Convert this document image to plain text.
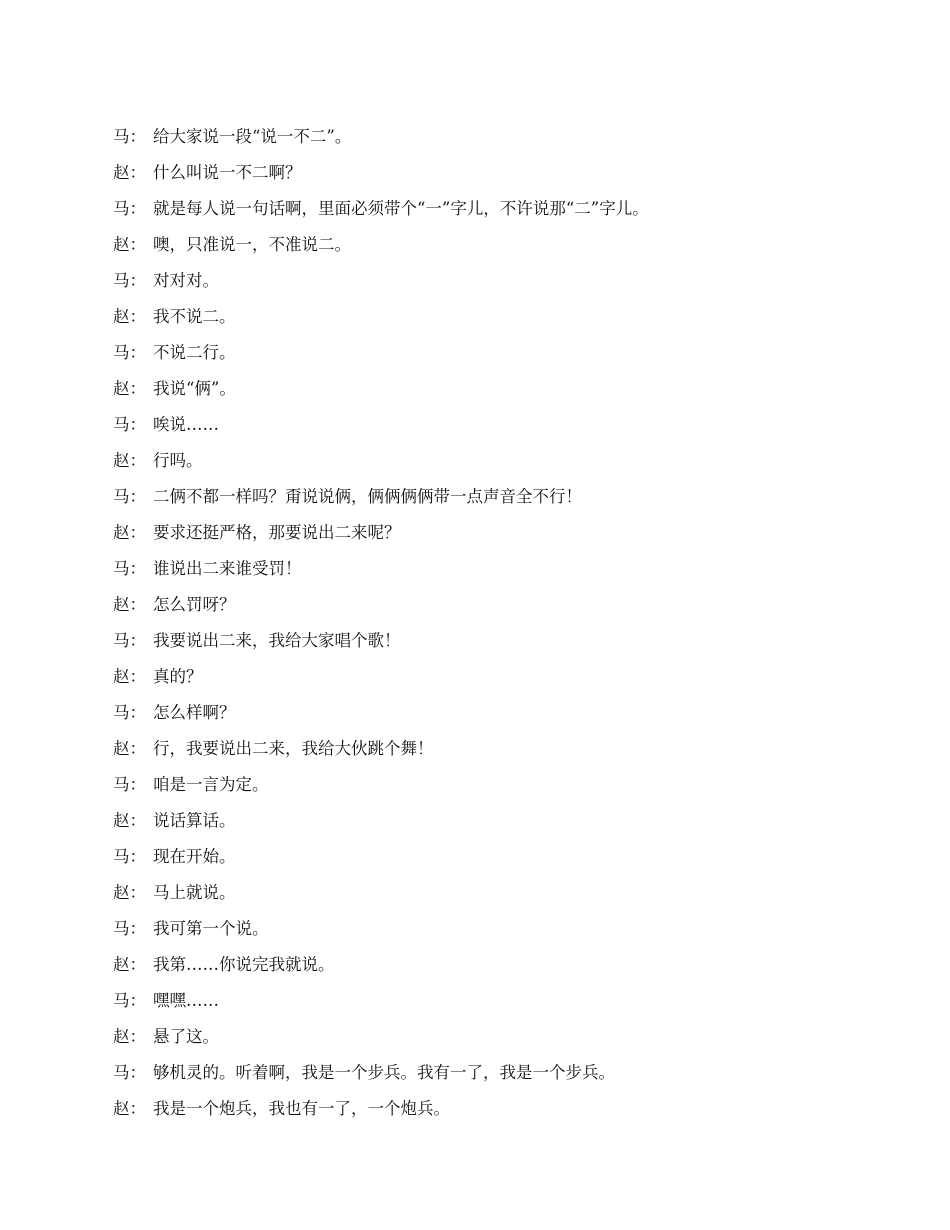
马： 给大家说一段“说一不二”。
赵： 什么叫说一不二啊？
马： 就是每人说一句话啊，里面必须带个“一”字儿，不许说那“二”字儿。
赵： 噢，只准说一，不准说二。
马： 对对对。
赵： 我不说二。
马： 不说二行。
赵： 我说“俩”。
马： 唉说……
赵： 行吗。
马： 二俩不都一样吗？甭说说俩，俩俩俩俩带一点声音全不行！
赵： 要求还挺严格，那要说出二来呢？
马： 谁说出二来谁受罚！
赵： 怎么罚呀？
马： 我要说出二来，我给大家唱个歌！
赵： 真的？
马： 怎么样啊？
赵： 行，我要说出二来，我给大伙跳个舞！
马： 咱是一言为定。
赵： 说话算话。
马： 现在开始。
赵： 马上就说。
马： 我可第一个说。
赵： 我第……你说完我就说。
马： 嘿嘿……
赵： 悬了这。
马： 够机灵的。听着啊，我是一个步兵。我有一了，我是一个步兵。
赵： 我是一个炮兵，我也有一了，一个炮兵。
